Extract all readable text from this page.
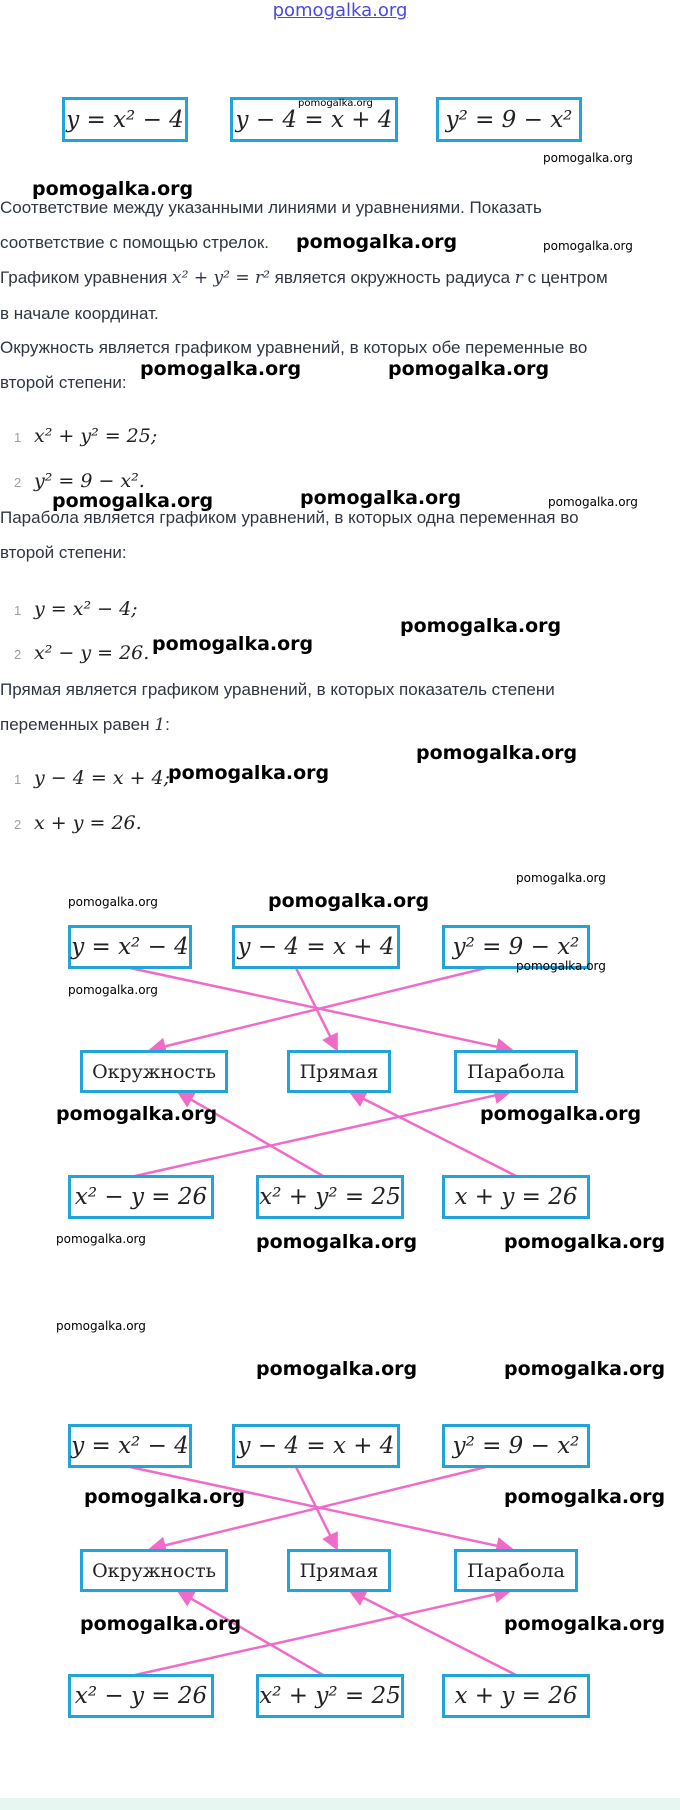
pomogalka.org
y = x² − 4 y − 4 = x + 4	y² = 9 − x²
Соответствие между указанными линиями и уравнениями. Показать
соответствие с помощью стрелок.
Графиком уравнения x² + y² = r² является окружность радиуса r с центром
в начале координат.
Окружность является графиком уравнений, в которых обе переменные во
второй степени:
1 x² + y² = 25;
2 y² = 9 − x².
Парабола является графиком уравнений, в которых одна переменная во
второй степени:
1 y = x² − 4;
2 x² − y = 26.
Прямая является графиком уравнений, в которых показатель степени
переменных равен 1:
1 y − 4 = x + 4;
2 x + y = 26.
y = x² − 4 y − 4 = x + 4	y² = 9 − x²
Окружность	Прямая	Парабола
x² − y = 26 x² + y² = 25	x + y = 26
y = x² − 4 y − 4 = x + 4	y² = 9 − x²
Окружность	Прямая	Парабола
x² − y = 26 x² + y² = 25	x + y = 26
pomogalka.org
pomogalka.org
pomogalka.org
pomogalka.org	pomogalka.org
pomogalka.org	pomogalka.org
pomogalka.org	pomogalka.org	pomogalka.org
pomogalka.org
pomogalka.org
pomogalka.org
pomogalka.org
pomogalka.org
pomogalka.org	pomogalka.org
pomogalka.org
pomogalka.org
pomogalka.org	pomogalka.org
pomogalka.org	pomogalka.org	pomogalka.org
pomogalka.org
pomogalka.org	pomogalka.org
pomogalka.org	pomogalka.org
pomogalka.org	pomogalka.org
